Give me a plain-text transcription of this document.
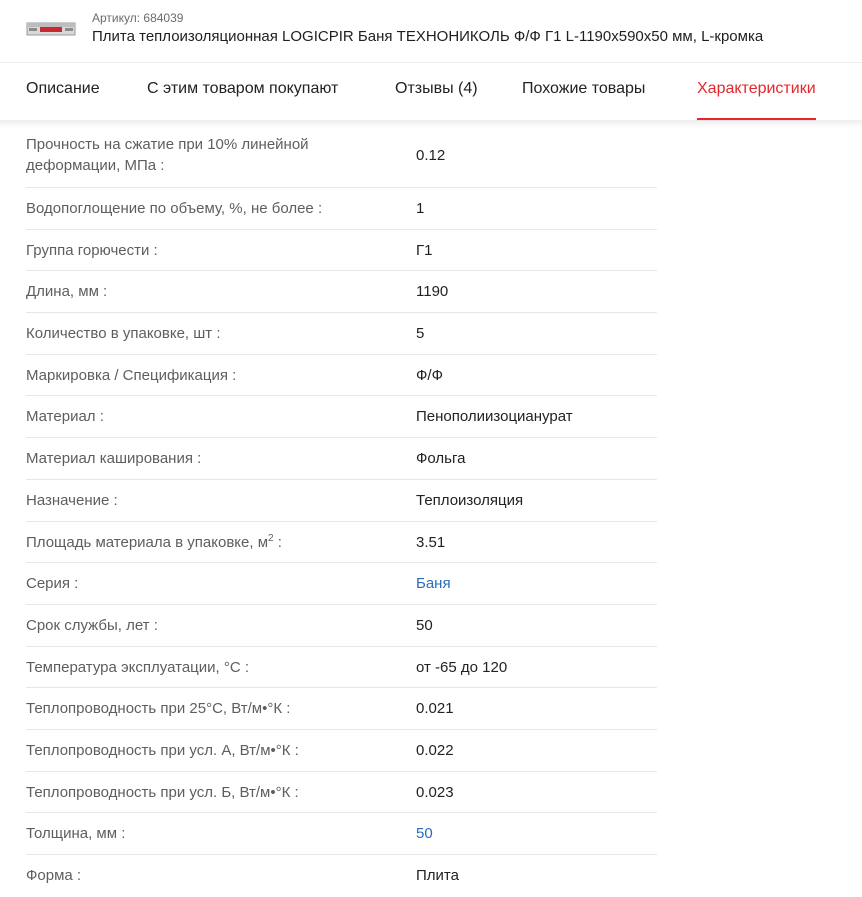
Артикул: 684039
Плита теплоизоляционная LOGICPIR Баня ТЕХНОНИКОЛЬ Ф/Ф Г1 L-1190x590x50 мм, L-кромка
Описание	С этим товаром покупают	Отзывы (4)	Похожие товары	Характеристики
Прочность на сжатие при 10% линейной деформации, МПа :
0.12
Водопоглощение по объему, %, не более :	1
Группа горючести :	Г1
Длина, мм :	1190
Количество в упаковке, шт :	5
Маркировка / Спецификация :	Ф/Ф
Материал :	Пенополиизоцианурат
Материал каширования :	Фольга
Назначение :	Теплоизоляция
Площадь материала в упаковке, $м^2$ :	3.51
Серия :	Баня
Срок службы, лет :	50
Температура эксплуатации, °С :	от -65 до 120
Теплопроводность при 25°С, Вт/м•°К :	0.021
Теплопроводность при усл. А, Вт/м•°К :	0.022
Теплопроводность при усл. Б, Вт/м•°К :	0.023
Толщина, мм :	50
Форма :	Плита
